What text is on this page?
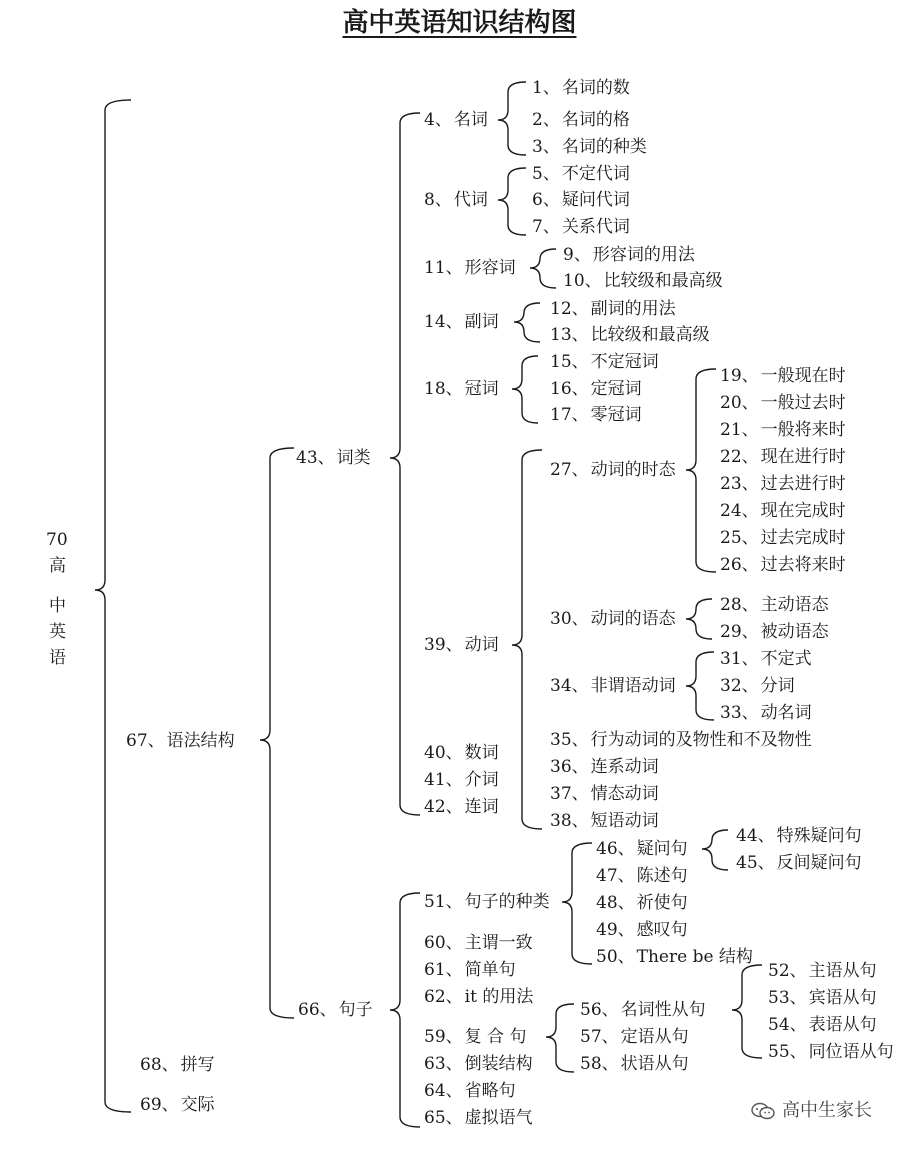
高中英语知识结构图
70
高
中
英
语
67、 语法结构
68、 拼写
69、 交际
43、 词类
66、 句子
4、 名词
1、 名词的数
2、 名词的格
3、 名词的种类
8、 代词
5、 不定代词
6、 疑问代词
7、 关系代词
11、 形容词
9、 形容词的用法
10、 比较级和最高级
14、 副词
12、 副词的用法
13、 比较级和最高级
18、 冠词
15、 不定冠词
16、 定冠词
17、 零冠词
39、 动词
27、 动词的时态
19、 一般现在时
20、 一般过去时
21、 一般将来时
22、 现在进行时
23、 过去进行时
24、 现在完成时
25、 过去完成时
26、 过去将来时
30、 动词的语态
28、 主动语态
29、 被动语态
34、 非谓语动词
31、 不定式
32、 分词
33、 动名词
35、 行为动词的及物性和不及物性
36、 连系动词
37、 情态动词
38、 短语动词
40、 数词
41、 介词
42、 连词
51、 句子的种类
46、 疑问句
44、 特殊疑问句
45、 反间疑问句
47、 陈述句
48、 祈使句
49、 感叹句
50、 There be 结构
60、 主谓一致
61、 简单句
62、 it 的用法
59、 复 合 句
56、 名词性从句
52、 主语从句
53、 宾语从句
54、 表语从句
55、 同位语从句
57、 定语从句
58、 状语从句
63、 倒装结构
64、 省略句
65、 虚拟语气	高中生家长
